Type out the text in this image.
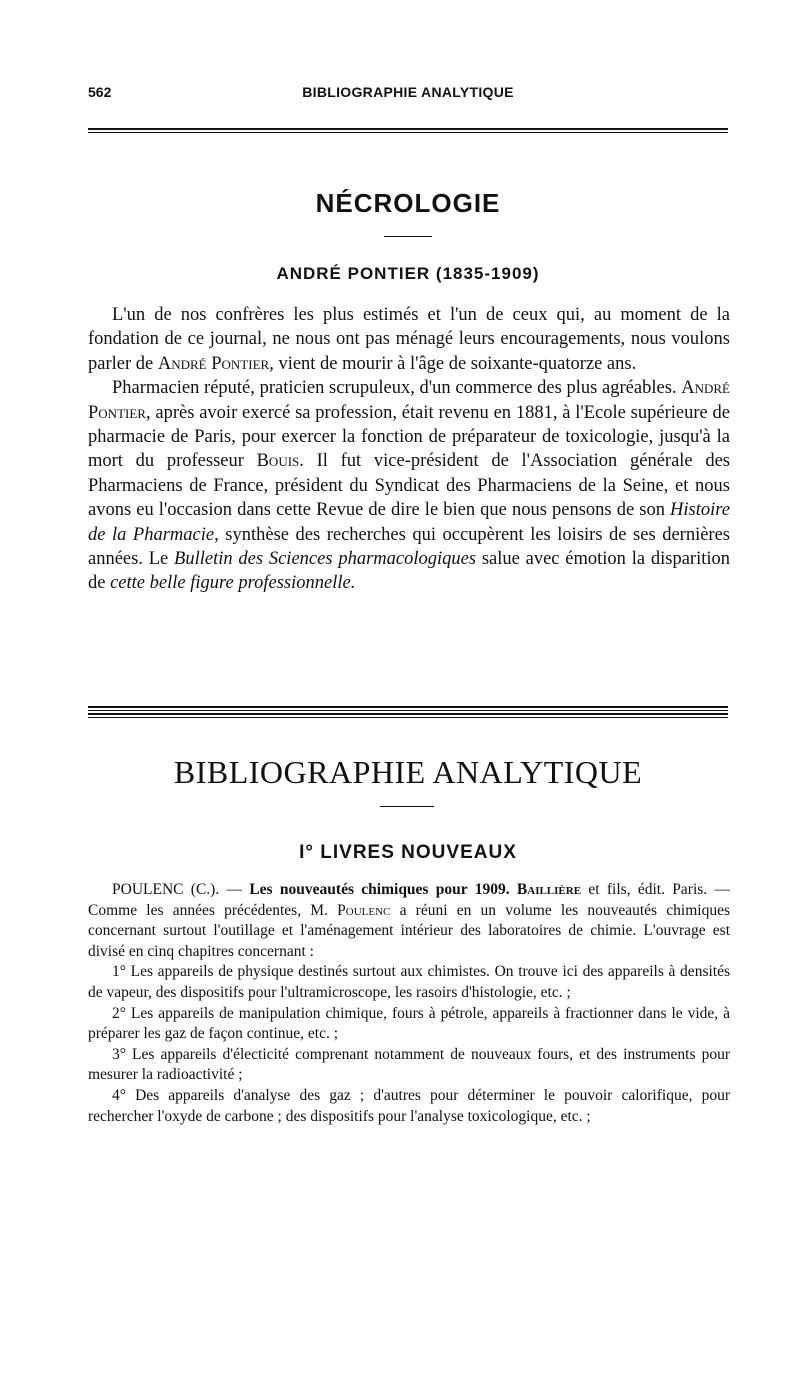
562	BIBLIOGRAPHIE ANALYTIQUE
NÉCROLOGIE
ANDRÉ PONTIER (1835-1909)

L'un de nos confrères les plus estimés et l'un de ceux qui, au moment de la fondation de ce journal, ne nous ont pas ménagé leurs encouragements, nous voulons parler de André Pontier, vient de mourir à l'âge de soixante-quatorze ans.

Pharmacien réputé, praticien scrupuleux, d'un commerce des plus agréables. André Pontier, après avoir exercé sa profession, était revenu en 1881, à l'Ecole supérieure de pharmacie de Paris, pour exercer la fonction de préparateur de toxicologie, jusqu'à la mort du professeur Bouis. Il fut vice-président de l'Association générale des Pharmaciens de France, président du Syndicat des Pharmaciens de la Seine, et nous avons eu l'occasion dans cette Revue de dire le bien que nous pensons de son Histoire de la Pharmacie, synthèse des recherches qui occupèrent les loisirs de ses dernières années. Le Bulletin des Sciences pharmacologiques salue avec émotion la disparition de cette belle figure professionnelle.

BIBLIOGRAPHIE ANALYTIQUE
I° LIVRES NOUVEAUX

POULENC (C.). — Les nouveautés chimiques pour 1909. Baillière et fils, édit. Paris. — Comme les années précédentes, M. Poulenc a réuni en un volume les nouveautés chimiques concernant surtout l'outillage et l'aménagement intérieur des laboratoires de chimie. L'ouvrage est divisé en cinq chapitres concernant :

1° Les appareils de physique destinés surtout aux chimistes. On trouve ici des appareils à densités de vapeur, des dispositifs pour l'ultramicroscope, les rasoirs d'histologie, etc. ;

2° Les appareils de manipulation chimique, fours à pétrole, appareils à fractionner dans le vide, à préparer les gaz de façon continue, etc. ;

3° Les appareils d'électicité comprenant notamment de nouveaux fours, et des instruments pour mesurer la radioactivité ;

4° Des appareils d'analyse des gaz ; d'autres pour déterminer le pouvoir calorifique, pour rechercher l'oxyde de carbone ; des dispositifs pour l'analyse toxicologique, etc. ;
